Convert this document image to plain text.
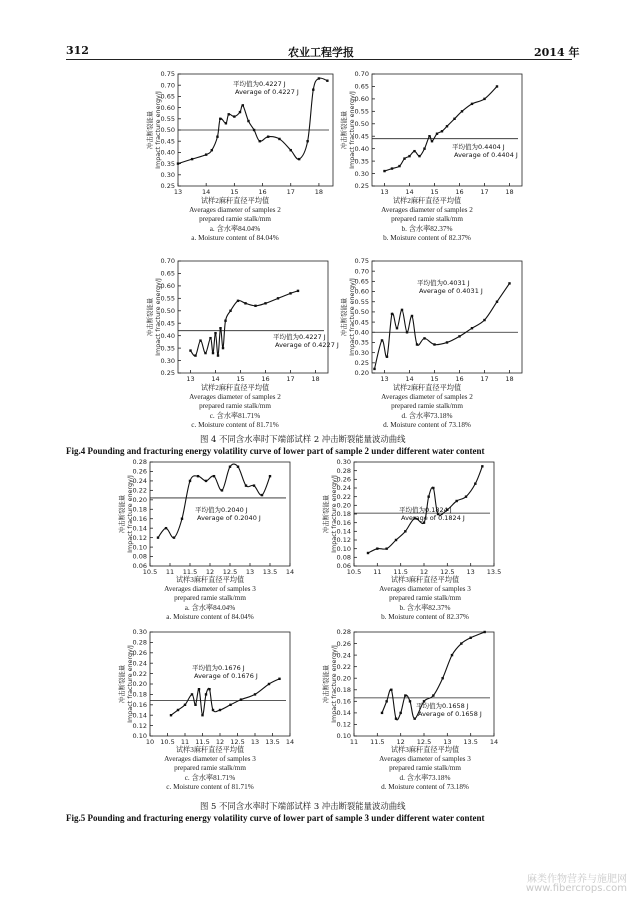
312	农业工程学报	2014 年
0.25
0.30
0.35
0.40
0.45
0.50
0.55
0.60
0.65
0.70
0.75
13	14	15	16	17	18
冲击断裂能量 Impact fracture energy/J
平均值为0.4227 J
Average of 0.4227 J
0.25
0.30
0.35
0.40
0.45
0.50
0.55
0.60
0.65
0.70
13	14	15	16	17	18
冲击断裂能量 Impact fracture energy/J	平均值为0.4404 J
Average of 0.4404 J
0.25
0.30
0.35
0.40
0.45
0.50
0.55
0.60
0.65
0.70
13	14	15	16	17	18
冲击断裂能量 Impact fracture energy/J	平均值为0.4227 J
Average of 0.4227 J
0.20
0.25
0.30
0.35
0.40
0.45
0.50
0.55
0.60
0.65
0.70
0.75
13	14	15	16	17	18
冲击断裂能量 Impact fracture energy/J	平均值为0.4031 J
Average of 0.4031 J
试样2麻秆直径平均值
Averages diameter of samples 2
prepared ramie stalk/mm
a. 含水率84.04%
a. Moisture content of 84.04%
试样2麻秆直径平均值
Averages diameter of samples 2
prepared ramie stalk/mm
b. 含水率82.37%
b. Moisture content of 82.37%
试样2麻秆直径平均值
Averages diameter of samples 2
prepared ramie stalk/mm
c. 含水率81.71%
c. Moisture content of 81.71%
试样2麻秆直径平均值
Averages diameter of samples 2
prepared ramie stalk/mm
d. 含水率73.18%
d. Moisture content of 73.18%
图 4 不同含水率时下端部试样 2 冲击断裂能量波动曲线
Fig.4 Pounding and fracturing energy volatility curve of lower part of sample 2 under different water content
0.06
0.08
0.10
0.12
0.14
0.16
0.18
0.20
0.22
0.24
0.26
0.28
10.5 11 11.5 12 12.5 13 13.5 14
冲击断裂能量 Impact fracture energy/J	平均值为0.2040 J
Average of 0.2040 J
0.06
0.08
0.10
0.12
0.14
0.16
0.18
0.20
0.22
0.24
0.26
0.28
0.30
10.5 11 11.5 12 12.5 13 13.5
冲击断裂能量 Impact fracture energy/J	平均值为0.1824 J
Average of 0.1824 J
0.10
0.12
0.14
0.16
0.18
0.20
0.22
0.24
0.26
0.28
0.30
10 10.5 11 11.5 12 12.5 13 13.5 14
冲击断裂能量 Impact fracture energy/J	平均值为0.1676 J
Average of 0.1676 J
0.10
0.12
0.14
0.16
0.18
0.20
0.22
0.24
0.26
0.28
11 11.5 12 12.5 13 13.5 14
冲击断裂能量 Impact fracture energy/J	平均值为0.1658 J
Average of 0.1658 J
试样3麻秆直径平均值
Averages diameter of samples 3
prepared ramie stalk/mm
a. 含水率84.04%
a. Moisture content of 84.04%
试样3麻秆直径平均值
Averages diameter of samples 3
prepared ramie stalk/mm
b. 含水率82.37%
b. Moisture content of 82.37%
试样3麻秆直径平均值
Averages diameter of samples 3
prepared ramie stalk/mm
c. 含水率81.71%
c. Moisture content of 81.71%
试样3麻秆直径平均值
Averages diameter of samples 3
prepared ramie stalk/mm
d. 含水率73.18%
d. Moisture content of 73.18%
图 5 不同含水率时下端部试样 3 冲击断裂能量波动曲线
Fig.5 Pounding and fracturing energy volatility curve of lower part of sample 3 under different water content
麻类作物营养与施肥网
www.fibercrops.com
